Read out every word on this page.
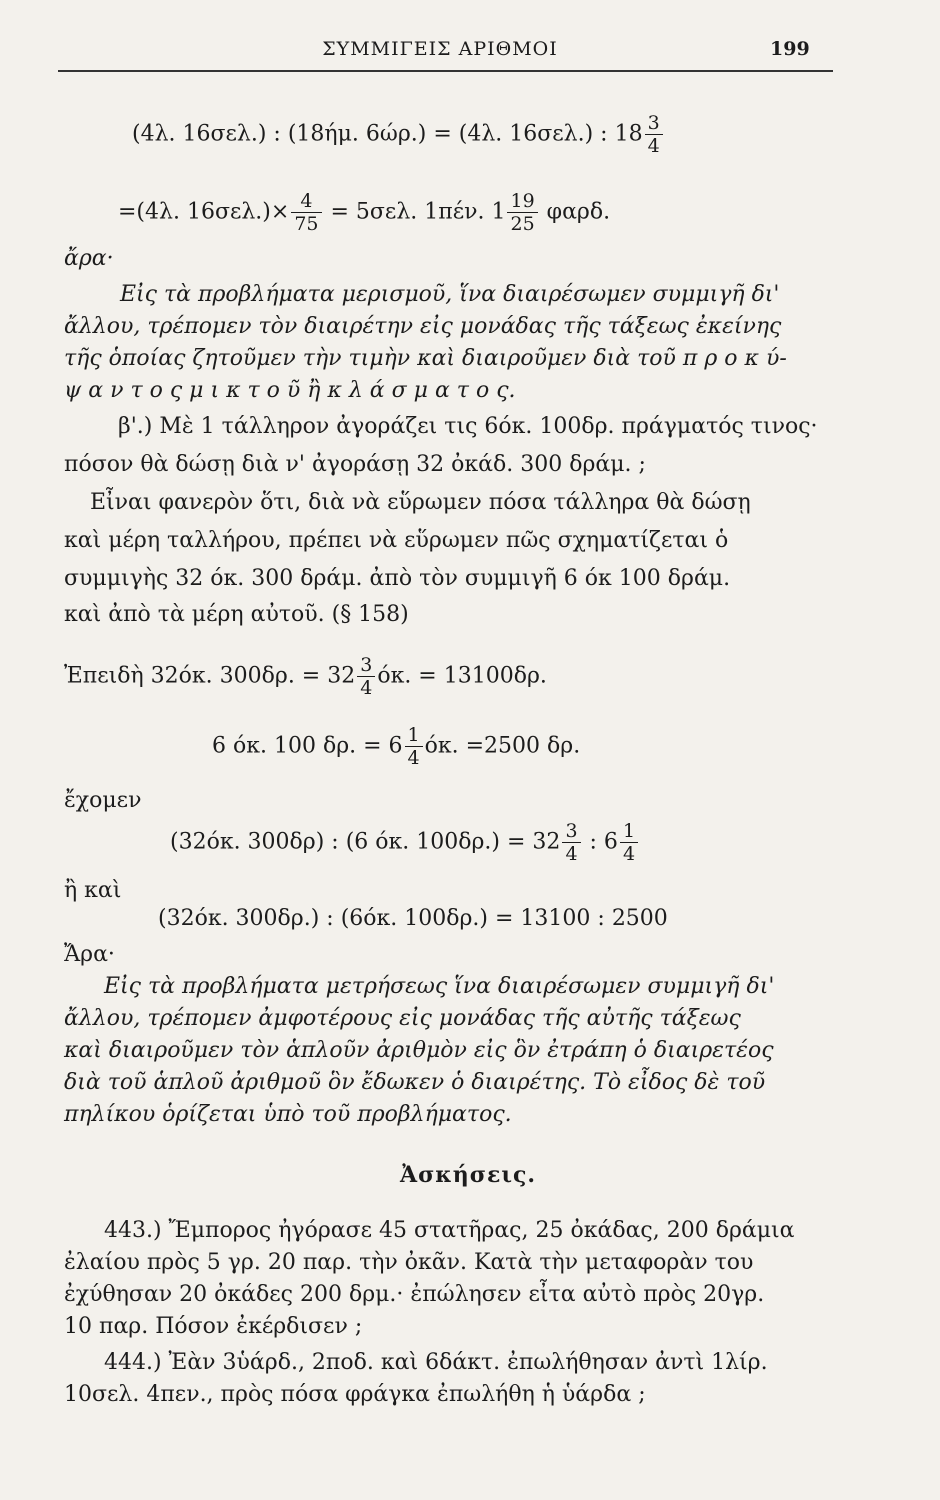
ΣΥΜΜΙΓΕΙΣ ΑΡΙΘΜΟΙ	199
(4λ. 16σελ.) : (18ήμ. 6ώρ.) = (4λ. 16σελ.) : $18 \frac{3}{4}$
=(4λ. $16\sigma\varepsilon\lambda.)\times \frac{4}{75} = 5\sigma\varepsilon\lambda$. 1πέν. $1 \frac{19}{25} \varphi\alpha\rho\delta$.
ἄρα·
Εἰς τὰ προβλήματα μερισμοῦ, ἵνα διαιρέσωμεν συμμιγῆ δι'
ἄλλου, τρέπομεν τὸν διαιρέτην εἰς μονάδας τῆς τάξεως ἐκείνης
τῆς ὁποίας ζητοῦμεν τὴν τιμὴν καὶ διαιροῦμεν διὰ τοῦ π ρ ο κ ύ-
ψ α ν τ ο ς μ ι κ τ ο ῦ ἢ κ λ ά σ μ α τ ο ς.
β'.) Μὲ 1 τάλληρον ἀγοράζει τις 6όκ. 100δρ. πράγματός τινος·
πόσον θὰ δώσῃ διὰ ν' ἀγοράσῃ 32 ὀκάδ. 300 δράμ. ;
Εἶναι φανερὸν ὅτι, διὰ νὰ εὕρωμεν πόσα τάλληρα θὰ δώσῃ
καὶ μέρη ταλλήρου, πρέπει νὰ εὕρωμεν πῶς σχηματίζεται ὁ
συμμιγὴς 32 όκ. 300 δράμ. ἀπὸ τὸν συμμιγῆ 6 όκ 100 δράμ.
καὶ ἀπὸ τὰ μέρη αὐτοῦ. (§ 158)
Ἐπειδὴ 32όκ. 300δρ. = $32 \frac{3}{4} ό\kappa$. = 13100δρ.
6 όκ. 100 δρ. = $6 \frac{1}{4} ό\kappa$. =2500 δρ.
ἔχομεν
(32όκ. 300δρ) : (6 όκ. $100\delta\rho.) = 32 \frac{3}{4}$ : $6 \frac{1}{4}$
ἢ καὶ
(32όκ. 300δρ.) : (6όκ. 100δρ.) = 13100 : 2500
Ἄρα·
Εἰς τὰ προβλήματα μετρήσεως ἵνα διαιρέσωμεν συμμιγῆ δι'
ἄλλου, τρέπομεν ἀμφοτέρους εἰς μονάδας τῆς αὐτῆς τάξεως
καὶ διαιροῦμεν τὸν ἁπλοῦν ἀριθμὸν εἰς ὃν ἐτράπη ὁ διαιρετέος
διὰ τοῦ ἁπλοῦ ἀριθμοῦ ὃν ἔδωκεν ὁ διαιρέτης. Τὸ εἶδος δὲ τοῦ
πηλίκου ὁρίζεται ὑπὸ τοῦ προβλήματος.
Ἀσκήσεις.
443.) Ἔμπορος ἠγόρασε 45 στατῆρας, 25 ὀκάδας, 200 δράμια
ἐλαίου πρὸς 5 γρ. 20 παρ. τὴν ὀκᾶν. Κατὰ τὴν μεταφορὰν του
ἐχύθησαν 20 ὀκάδες 200 δρμ.· ἐπώλησεν εἶτα αὐτὸ πρὸς 20γρ.
10 παρ. Πόσον ἐκέρδισεν ;
444.) Ἐὰν 3ὑάρδ., 2ποδ. καὶ 6δάκτ. ἐπωλήθησαν ἀντὶ 1λίρ.
10σελ. 4πεν., πρὸς πόσα φράγκα ἐπωλήθη ἡ ὑάρδα ;
